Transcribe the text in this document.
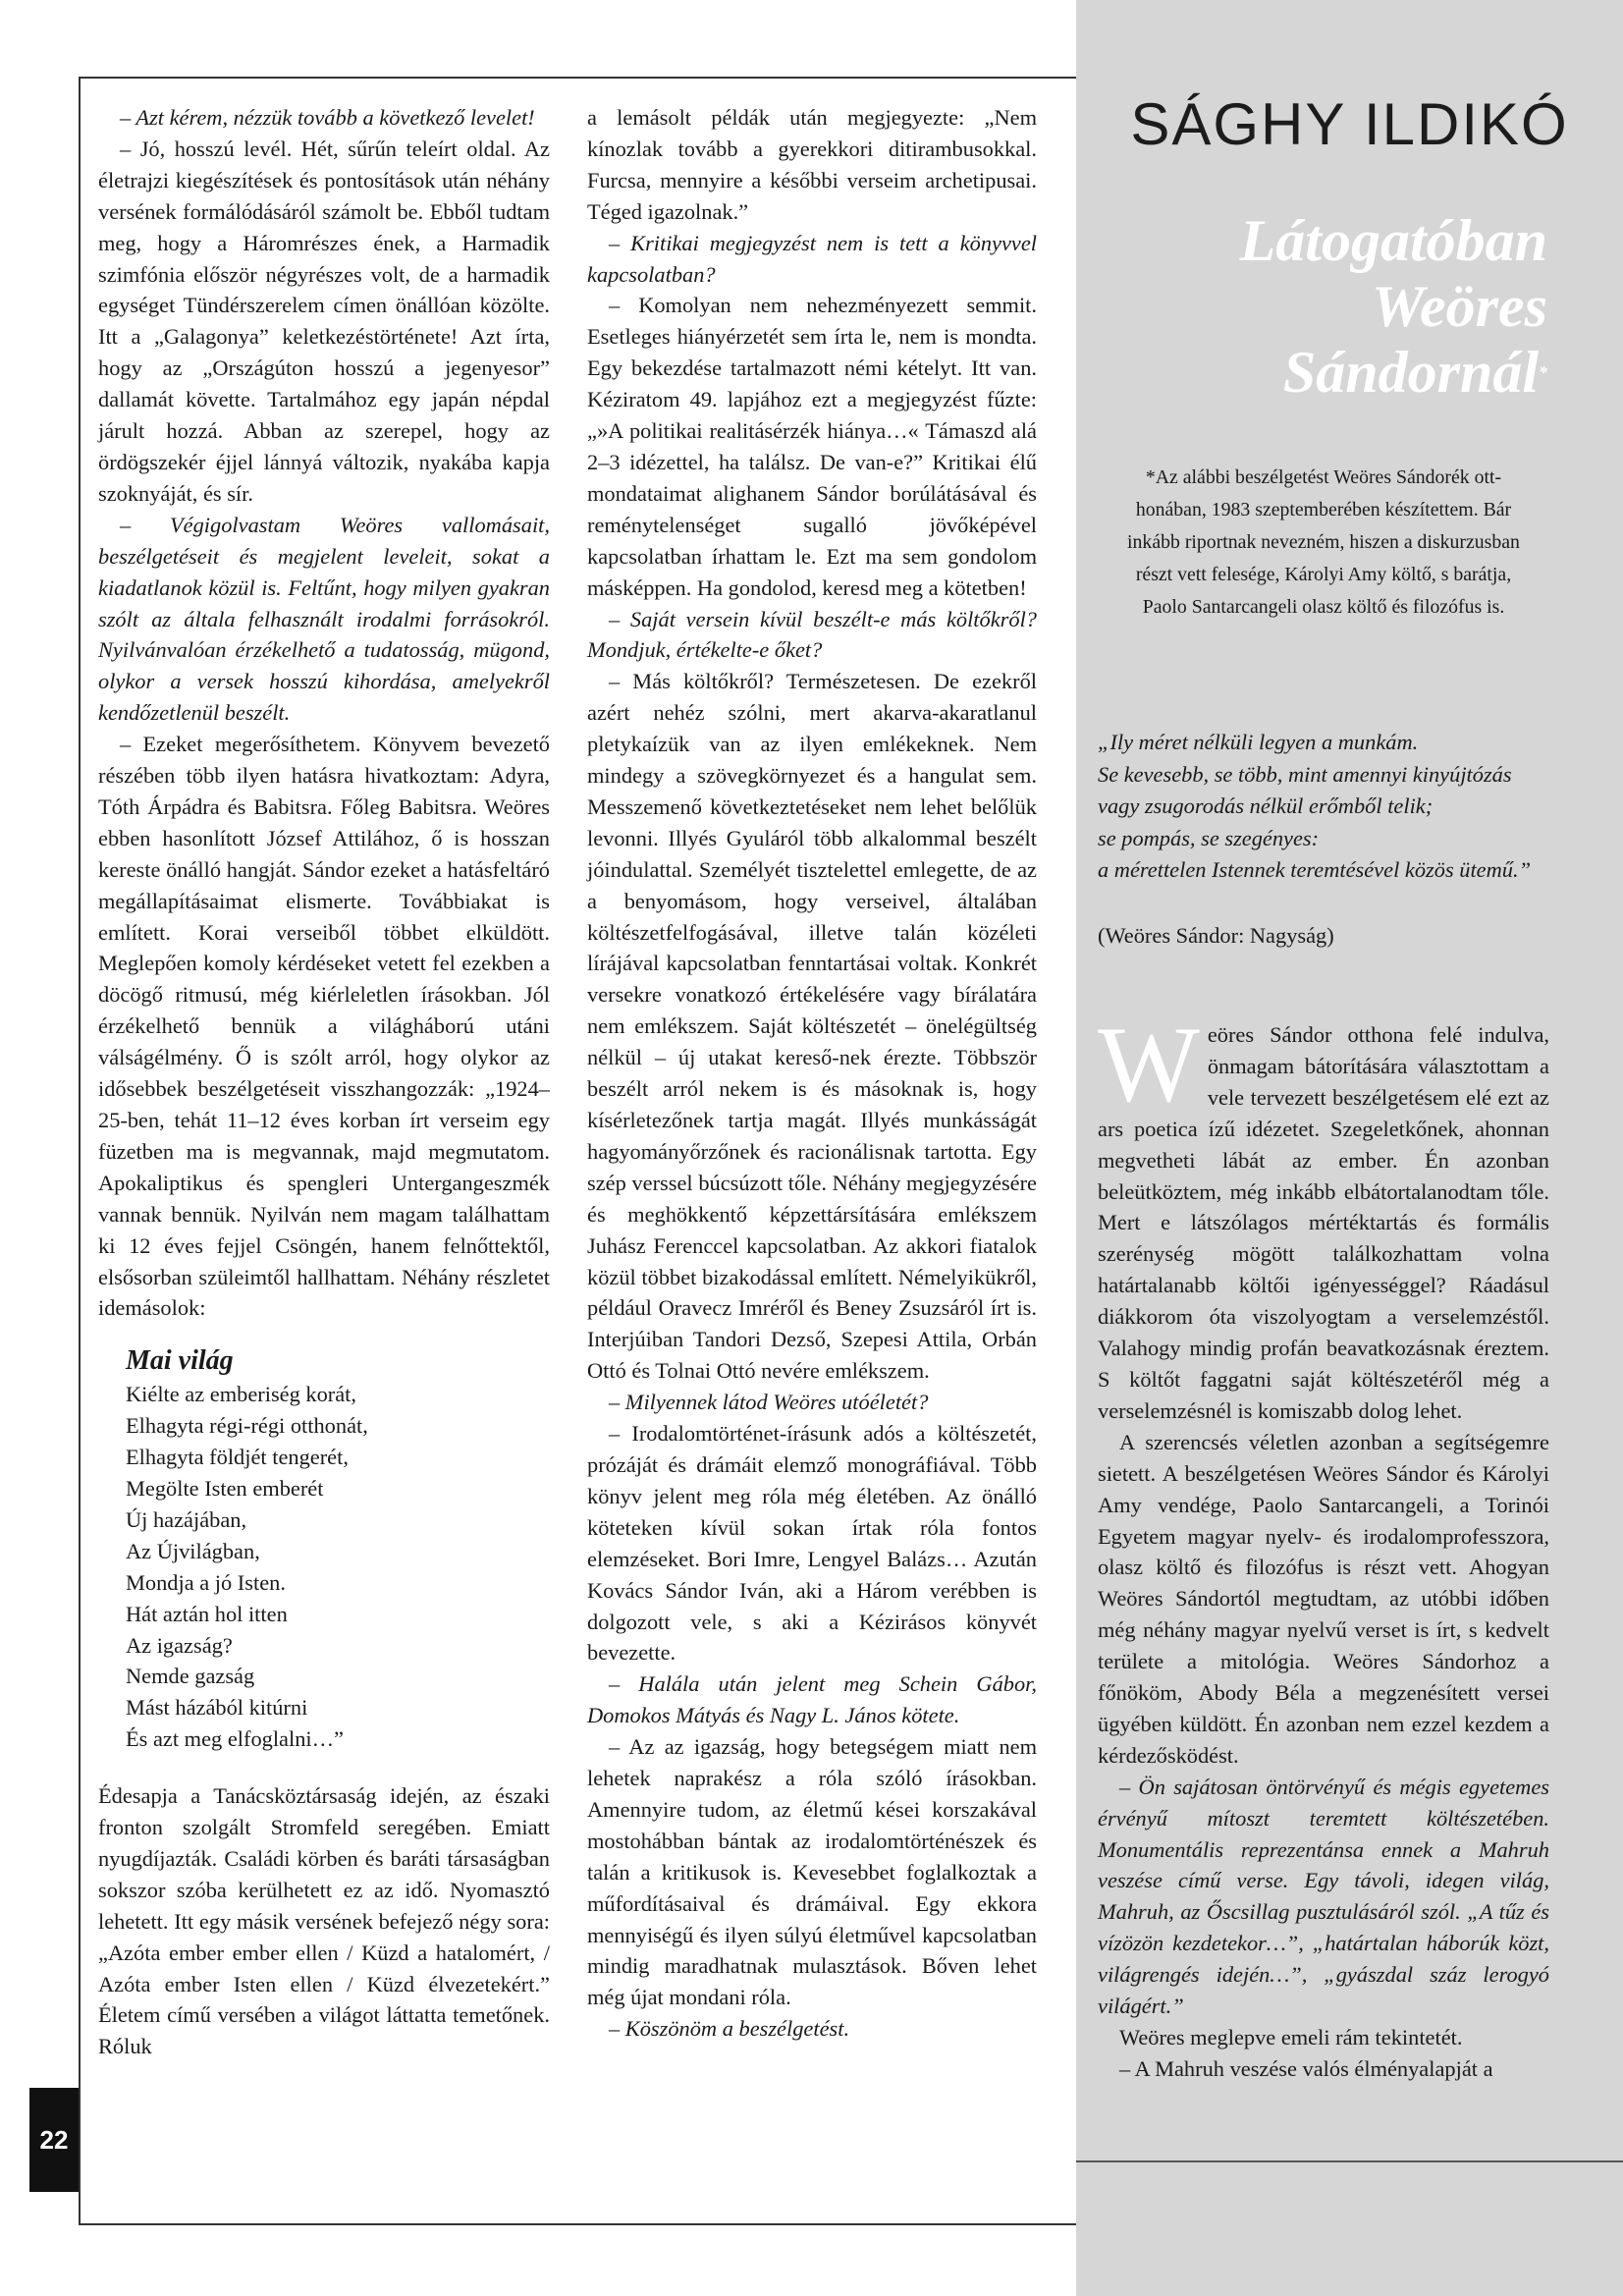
22
SÁGHY ILDIKÓ
Látogatóban
Weöres
Sándornál*
*Az alábbi beszélgetést Weöres Sándorék ott-
honában, 1983 szeptemberében készítettem. Bár
inkább riportnak nevezném, hiszen a diskurzusban
részt vett felesége, Károlyi Amy költő, s barátja,
Paolo Santarcangeli olasz költő és filozófus is.
„Ily méret nélküli legyen a munkám.
Se kevesebb, se több, mint amennyi kinyújtózás
vagy zsugorodás nélkül erőmből telik;
se pompás, se szegényes:
a mérettelen Istennek teremtésével közös ütemű.”
(Weöres Sándor: Nagyság)

– Azt kérem, nézzük tovább a következő levelet!

– Jó, hosszú levél. Hét, sűrűn teleírt oldal. Az életrajzi kiegészítések és pontosítások után néhány versének formálódásáról számolt be. Ebből tudtam meg, hogy a Háromrészes ének, a Harmadik szimfónia először négyrészes volt, de a harmadik egységet Tündérszerelem címen önállóan közölte. Itt a „Galagonya” keletkezéstörténete! Azt írta, hogy az „Országúton hosszú a jegenyesor” dallamát követte. Tartalmához egy japán népdal járult hozzá. Abban az szerepel, hogy az ördögszekér éjjel lánnyá változik, nyakába kapja szoknyáját, és sír.

– Végigolvastam Weöres vallomásait, beszélgetéseit és megjelent leveleit, sokat a kiadatlanok közül is. Feltűnt, hogy milyen gyakran szólt az általa felhasznált irodalmi forrásokról. Nyilvánvalóan érzékelhető a tudatosság, mügond, olykor a versek hosszú kihordása, amelyekről kendőzetlenül beszélt.

– Ezeket megerősíthetem. Könyvem bevezető részében több ilyen hatásra hivatkoztam: Adyra, Tóth Árpádra és Babitsra. Főleg Babitsra. Weöres ebben hasonlított József Attilához, ő is hosszan kereste önálló hangját. Sándor ezeket a hatásfeltáró megállapításaimat elismerte. Továbbiakat is említett. Korai verseiből többet elküldött. Meglepően komoly kérdéseket vetett fel ezekben a döcögő ritmusú, még kiérleletlen írásokban. Jól érzékelhető bennük a világháború utáni válságélmény. Ő is szólt arról, hogy olykor az idősebbek beszélgetéseit visszhangozzák: „1924–25-ben, tehát 11–12 éves korban írt verseim egy füzetben ma is megvannak, majd megmutatom. Apokaliptikus és spengleri Untergangeszmék vannak bennük. Nyilván nem magam találhattam ki 12 éves fejjel Csöngén, hanem felnőttektől, elsősorban szüleimtől hallhattam. Néhány részletet idemásolok:

Mai világ
Kiélte az emberiség korát,
Elhagyta régi-régi otthonát,
Elhagyta földjét tengerét,
Megölte Isten emberét
Új hazájában,
Az Újvilágban,
Mondja a jó Isten.
Hát aztán hol itten
Az igazság?
Nemde gazság
Mást házából kitúrni
És azt meg elfoglalni…”

Édesapja a Tanácsköztársaság idején, az északi fronton szolgált Stromfeld seregében. Emiatt nyugdíjazták. Családi körben és baráti társaságban sokszor szóba kerülhetett ez az idő. Nyomasztó lehetett. Itt egy másik versének befejező négy sora: „Azóta ember ember ellen / Küzd a hatalomért, / Azóta ember Isten ellen / Küzd élvezetekért.” Életem című versében a világot láttatta temetőnek. Róluk

a lemásolt példák után megjegyezte: „Nem kínozlak tovább a gyerekkori ditirambusokkal. Furcsa, mennyire a későbbi verseim archetipusai. Téged igazolnak.”

– Kritikai megjegyzést nem is tett a könyvvel kapcsolatban?

– Komolyan nem nehezményezett semmit. Esetleges hiányérzetét sem írta le, nem is mondta. Egy bekezdése tartalmazott némi kételyt. Itt van. Kéziratom 49. lapjához ezt a megjegyzést fűzte: „»A politikai realitásérzék hiánya…« Támaszd alá 2–3 idézettel, ha találsz. De van-e?” Kritikai élű mondataimat alighanem Sándor borúlátásával és reménytelenséget sugalló jövőképével kapcsolatban írhattam le. Ezt ma sem gondolom másképpen. Ha gondolod, keresd meg a kötetben!

– Saját versein kívül beszélt-e más költőkről? Mondjuk, értékelte-e őket?

– Más költőkről? Természetesen. De ezekről azért nehéz szólni, mert akarva-akaratlanul pletykaízük van az ilyen emlékeknek. Nem mindegy a szövegkörnyezet és a hangulat sem. Messzemenő következtetéseket nem lehet belőlük levonni. Illyés Gyuláról több alkalommal beszélt jóindulattal. Személyét tisztelettel emlegette, de az a benyomásom, hogy verseivel, általában költészetfelfogásával, illetve talán közéleti lírájával kapcsolatban fenntartásai voltak. Konkrét versekre vonatkozó értékelésére vagy bírálatára nem emlékszem. Saját költészetét – önelégültség nélkül – új utakat kereső-nek érezte. Többször beszélt arról nekem is és másoknak is, hogy kísérletezőnek tartja magát. Illyés munkásságát hagyományőrzőnek és racionálisnak tartotta. Egy szép verssel búcsúzott tőle. Néhány megjegyzésére és meghökkentő képzettársítására emlékszem Juhász Ferenccel kapcsolatban. Az akkori fiatalok közül többet bizakodással említett. Némelyikükről, például Oravecz Imréről és Beney Zsuzsáról írt is. Interjúiban Tandori Dezső, Szepesi Attila, Orbán Ottó és Tolnai Ottó nevére emlékszem.

– Milyennek látod Weöres utóéletét?

– Irodalomtörténet-írásunk adós a költészetét, prózáját és drámáit elemző monográfiával. Több könyv jelent meg róla még életében. Az önálló köteteken kívül sokan írtak róla fontos elemzéseket. Bori Imre, Lengyel Balázs… Azután Kovács Sándor Iván, aki a Három verébben is dolgozott vele, s aki a Kézirásos könyvét bevezette.

– Halála után jelent meg Schein Gábor, Domokos Mátyás és Nagy L. János kötete.

– Az az igazság, hogy betegségem miatt nem lehetek naprakész a róla szóló írásokban. Amennyire tudom, az életmű kései korszakával mostohábban bántak az irodalomtörténészek és talán a kritikusok is. Kevesebbet foglalkoztak a műfordításaival és drámáival. Egy ekkora mennyiségű és ilyen súlyú életművel kapcsolatban mindig maradhatnak mulasztások. Bőven lehet még újat mondani róla.

– Köszönöm a beszélgetést.

Weöres Sándor otthona felé indulva, önmagam bátorítására választottam a vele tervezett beszélgetésem elé ezt az ars poetica ízű idézetet. Szegeletkőnek, ahonnan megvetheti lábát az ember. Én azonban beleütköztem, még inkább elbátortalanodtam tőle. Mert e látszólagos mértéktartás és formális szerénység mögött találkozhattam volna határtalanabb költői igényességgel? Ráadásul diákkorom óta viszolyogtam a verselemzéstől. Valahogy mindig profán beavatkozásnak éreztem. S költőt faggatni saját költészetéről még a verselemzésnél is komiszabb dolog lehet.

A szerencsés véletlen azonban a segítségemre sietett. A beszélgetésen Weöres Sándor és Károlyi Amy vendége, Paolo Santarcangeli, a Torinói Egyetem magyar nyelv- és irodalomprofesszora, olasz költő és filozófus is részt vett. Ahogyan Weöres Sándortól megtudtam, az utóbbi időben még néhány magyar nyelvű verset is írt, s kedvelt területe a mitológia. Weöres Sándorhoz a főnököm, Abody Béla a megzenésített versei ügyében küldött. Én azonban nem ezzel kezdem a kérdezősködést.

– Ön sajátosan öntörvényű és mégis egyetemes érvényű mítoszt teremtett költészetében. Monumentális reprezentánsa ennek a Mahruh veszése című verse. Egy távoli, idegen világ, Mahruh, az Őscsillag pusztulásáról szól. „A tűz és vízözön kezdetekor…”, „határtalan háborúk közt, világrengés idején…”, „gyászdal száz lerogyó világért.”

Weöres meglepve emeli rám tekintetét.

– A Mahruh veszése valós élményalapját a
